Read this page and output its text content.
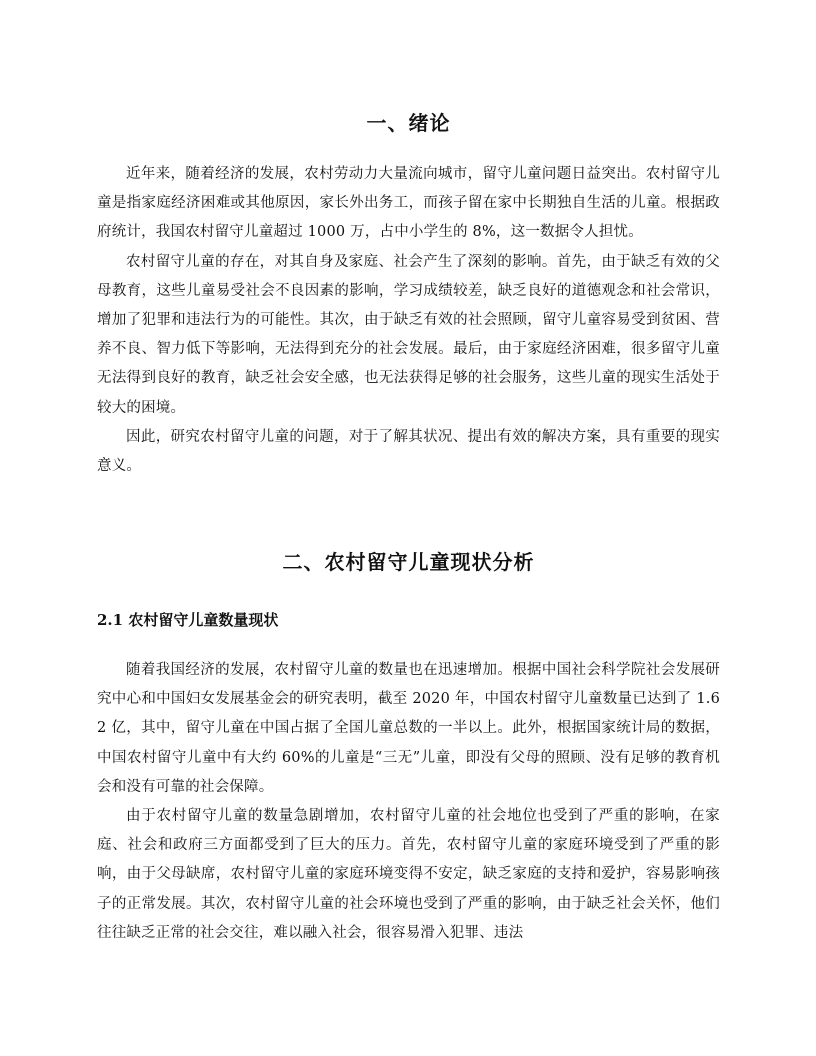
一、绪论

近年来，随着经济的发展，农村劳动力大量流向城市，留守儿童问题日益突出。农村留守儿童是指家庭经济困难或其他原因，家长外出务工，而孩子留在家中长期独自生活的儿童。根据政府统计，我国农村留守儿童超过 1000 万，占中小学生的 8%，这一数据令人担忧。

农村留守儿童的存在，对其自身及家庭、社会产生了深刻的影响。首先，由于缺乏有效的父母教育，这些儿童易受社会不良因素的影响，学习成绩较差，缺乏良好的道德观念和社会常识，增加了犯罪和违法行为的可能性。其次，由于缺乏有效的社会照顾，留守儿童容易受到贫困、营养不良、智力低下等影响，无法得到充分的社会发展。最后，由于家庭经济困难，很多留守儿童无法得到良好的教育，缺乏社会安全感，也无法获得足够的社会服务，这些儿童的现实生活处于较大的困境。

因此，研究农村留守儿童的问题，对于了解其状况、提出有效的解决方案，具有重要的现实意义。

二、农村留守儿童现状分析
2.1 农村留守儿童数量现状

随着我国经济的发展，农村留守儿童的数量也在迅速增加。根据中国社会科学院社会发展研究中心和中国妇女发展基金会的研究表明，截至 2020 年，中国农村留守儿童数量已达到了 1.62 亿，其中，留守儿童在中国占据了全国儿童总数的一半以上。此外，根据国家统计局的数据，中国农村留守儿童中有大约 60%的儿童是“三无”儿童，即没有父母的照顾、没有足够的教育机会和没有可靠的社会保障。

由于农村留守儿童的数量急剧增加，农村留守儿童的社会地位也受到了严重的影响，在家庭、社会和政府三方面都受到了巨大的压力。首先，农村留守儿童的家庭环境受到了严重的影响，由于父母缺席，农村留守儿童的家庭环境变得不安定，缺乏家庭的支持和爱护，容易影响孩子的正常发展。其次，农村留守儿童的社会环境也受到了严重的影响，由于缺乏社会关怀，他们往往缺乏正常的社会交往，难以融入社会，很容易滑入犯罪、违法
